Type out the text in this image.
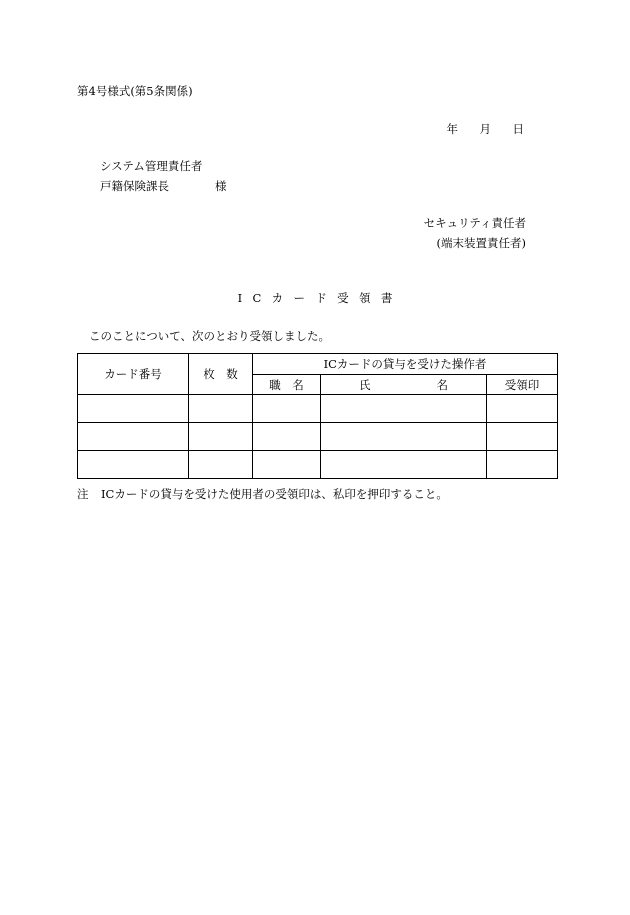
第4号様式(第5条関係)
年	月	日
システム管理責任者
戸籍保険課長	様
セキュリティ責任者
(端末装置責任者)
ICカード受領書
このことについて、次のとおり受領しました。
カード番号	枚　数	ICカードの貸与を受けた操作者		
		職　名	氏 名	受領印

注 ICカードの貸与を受けた使用者の受領印は、私印を押印すること。
